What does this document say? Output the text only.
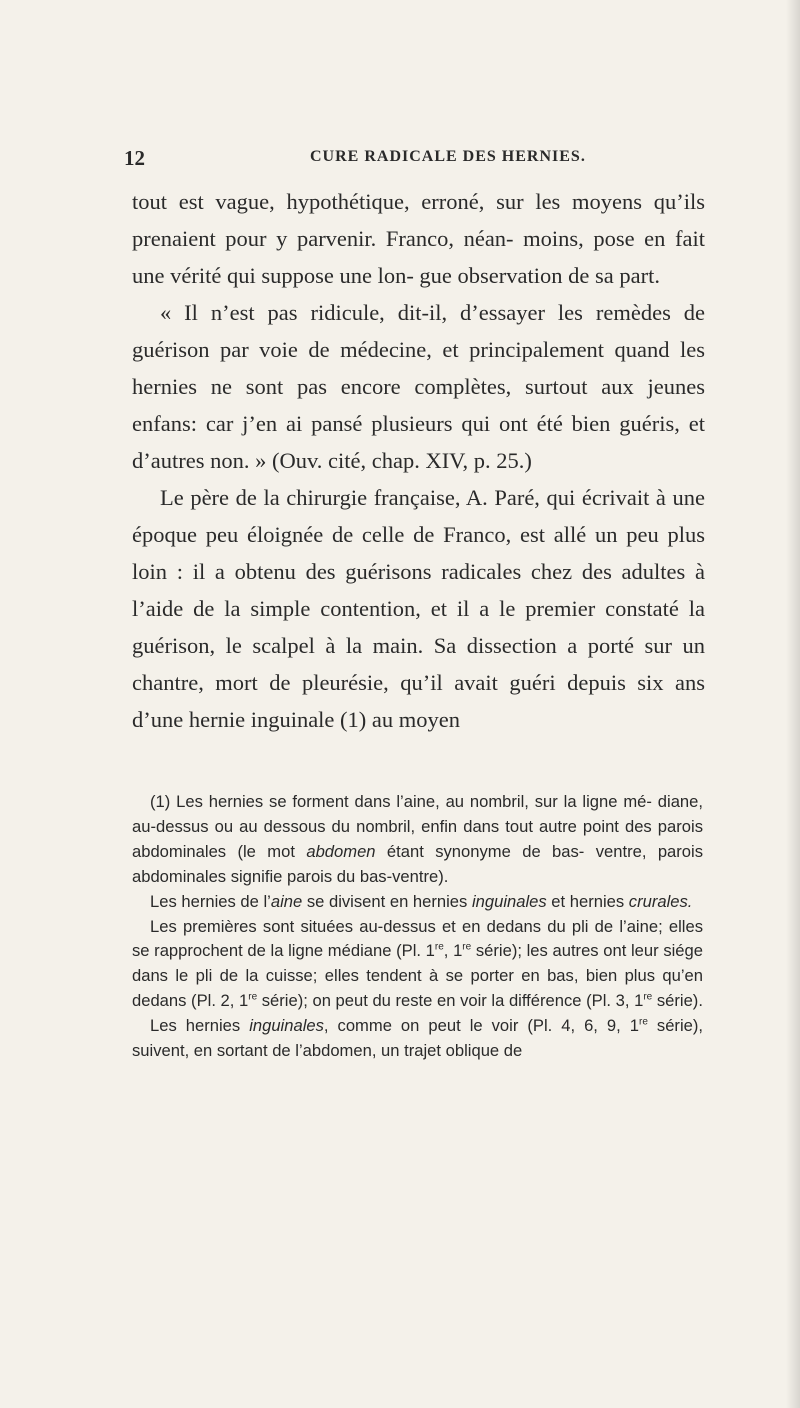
12	CURE RADICALE DES HERNIES.

tout est vague, hypothétique, erroné, sur les moyens qu’ils prenaient pour y parvenir. Franco, néan- moins, pose en fait une vérité qui suppose une lon- gue observation de sa part.

« Il n’est pas ridicule, dit-il, d’essayer les remèdes de guérison par voie de médecine, et principalement quand les hernies ne sont pas encore complètes, surtout aux jeunes enfans: car j’en ai pansé plusieurs qui ont été bien guéris, et d’autres non. » (Ouv. cité, chap. XIV, p. 25.)

Le père de la chirurgie française, A. Paré, qui écrivait à une époque peu éloignée de celle de Franco, est allé un peu plus loin : il a obtenu des guérisons radicales chez des adultes à l’aide de la simple contention, et il a le premier constaté la guérison, le scalpel à la main. Sa dissection a porté sur un chantre, mort de pleurésie, qu’il avait guéri depuis six ans d’une hernie inguinale (1) au moyen

(1) Les hernies se forment dans l’aine, au nombril, sur la ligne mé- diane, au-dessus ou au dessous du nombril, enfin dans tout autre point des parois abdominales (le mot abdomen étant synonyme de bas- ventre, parois abdominales signifie parois du bas-ventre).

Les hernies de l’aine se divisent en hernies inguinales et hernies crurales.

Les premières sont situées au-dessus et en dedans du pli de l’aine; elles se rapprochent de la ligne médiane (Pl. 1re, 1re série); les autres ont leur siége dans le pli de la cuisse; elles tendent à se porter en bas, bien plus qu’en dedans (Pl. 2, 1re série); on peut du reste en voir la différence (Pl. 3, 1re série).

Les hernies inguinales, comme on peut le voir (Pl. 4, 6, 9, 1re série), suivent, en sortant de l’abdomen, un trajet oblique de
